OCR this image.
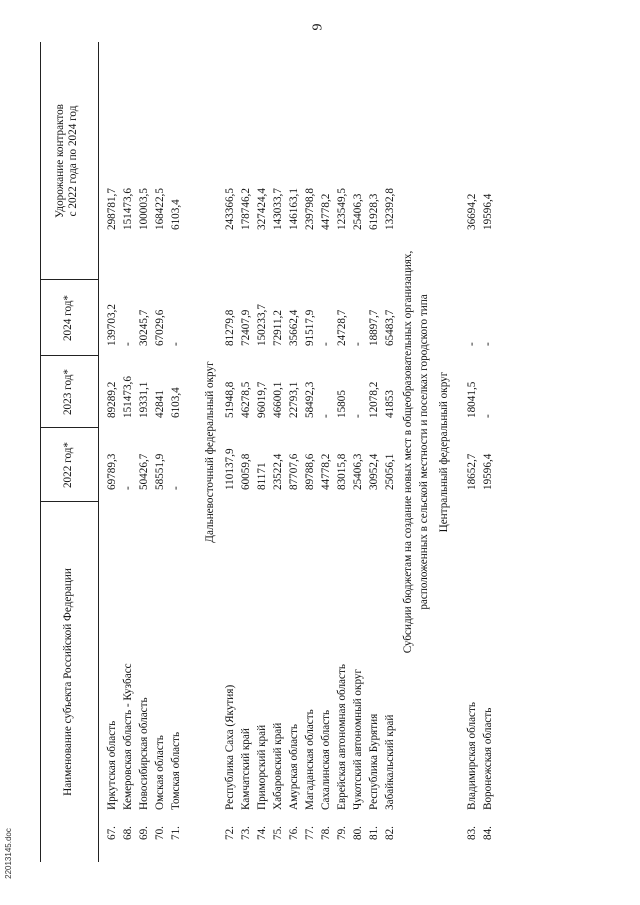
9
22013145.doc
Наименование субъекта Российской Федерации
2022 год*
2023 год*
2024 год*
Удорожание контрактов с 2022 года по 2024 год
67.
Иркутская область
69789,3
89289,2
139703,2
298781,7
68.
Кемеровская область - Кузбасс
-
151473,6
-
151473,6
69.
Новосибирская область
50426,7
19331,1
30245,7
100003,5
70.
Омская область
58551,9
42841
67029,6
168422,5
71.
Томская область
-
6103,4
-
6103,4
Дальневосточный федеральный округ
72.
Республика Саха (Якутия)
110137,9
51948,8
81279,8
243366,5
73.
Камчатский край
60059,8
46278,5
72407,9
178746,2
74.
Приморский край
81171
96019,7
150233,7
327424,4
75.
Хабаровский край
23522,4
46600,1
72911,2
143033,7
76.
Амурская область
87707,6
22793,1
35662,4
146163,1
77.
Магаданская область
89788,6
58492,3
91517,9
239798,8
78.
Сахалинская область
44778,2
-
-
44778,2
79.
Еврейская автономная область
83015,8
15805
24728,7
123549,5
80.
Чукотский автономный округ
25406,3
-
-
25406,3
81.
Республика Бурятия
30952,4
12078,2
18897,7
61928,3
82.
Забайкальский край
25056,1
41853
65483,7
132392,8
Субсидии бюджетам на создание новых мест в общеобразовательных организациях, расположенных в сельской местности и поселках городского типа Центральный федеральный округ
83.
Владимирская область
18652,7
18041,5
-
36694,2
84.
Воронежская область
19596,4
-
-
19596,4
